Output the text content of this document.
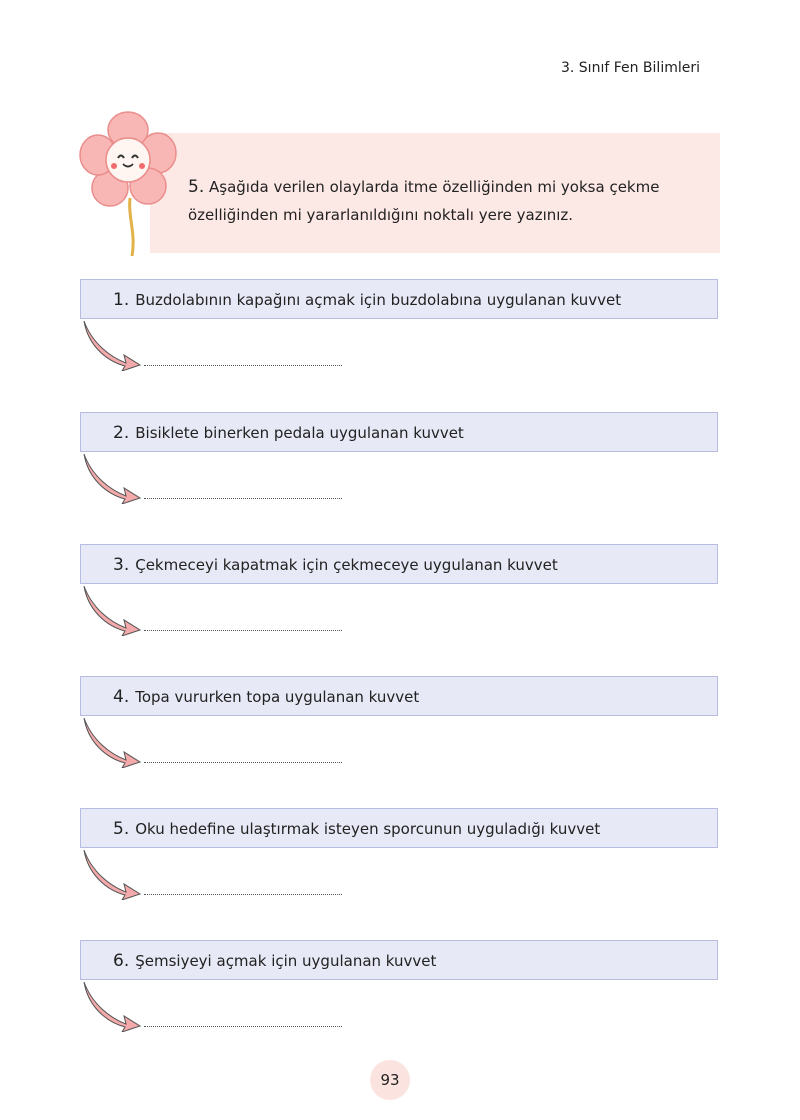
3. Sınıf Fen Bilimleri
5. Aşağıda verilen olaylarda itme özelliğinden mi yoksa çekme özelliğinden mi yararlanıldığını noktalı yere yazınız.
1. Buzdolabının kapağını açmak için buzdolabına uygulanan kuvvet
2. Bisiklete binerken pedala uygulanan kuvvet
3. Çekmeceyi kapatmak için çekmeceye uygulanan kuvvet
4. Topa vururken topa uygulanan kuvvet
5. Oku hedefine ulaştırmak isteyen sporcunun uyguladığı kuvvet
6. Şemsiyeyi açmak için uygulanan kuvvet
93
